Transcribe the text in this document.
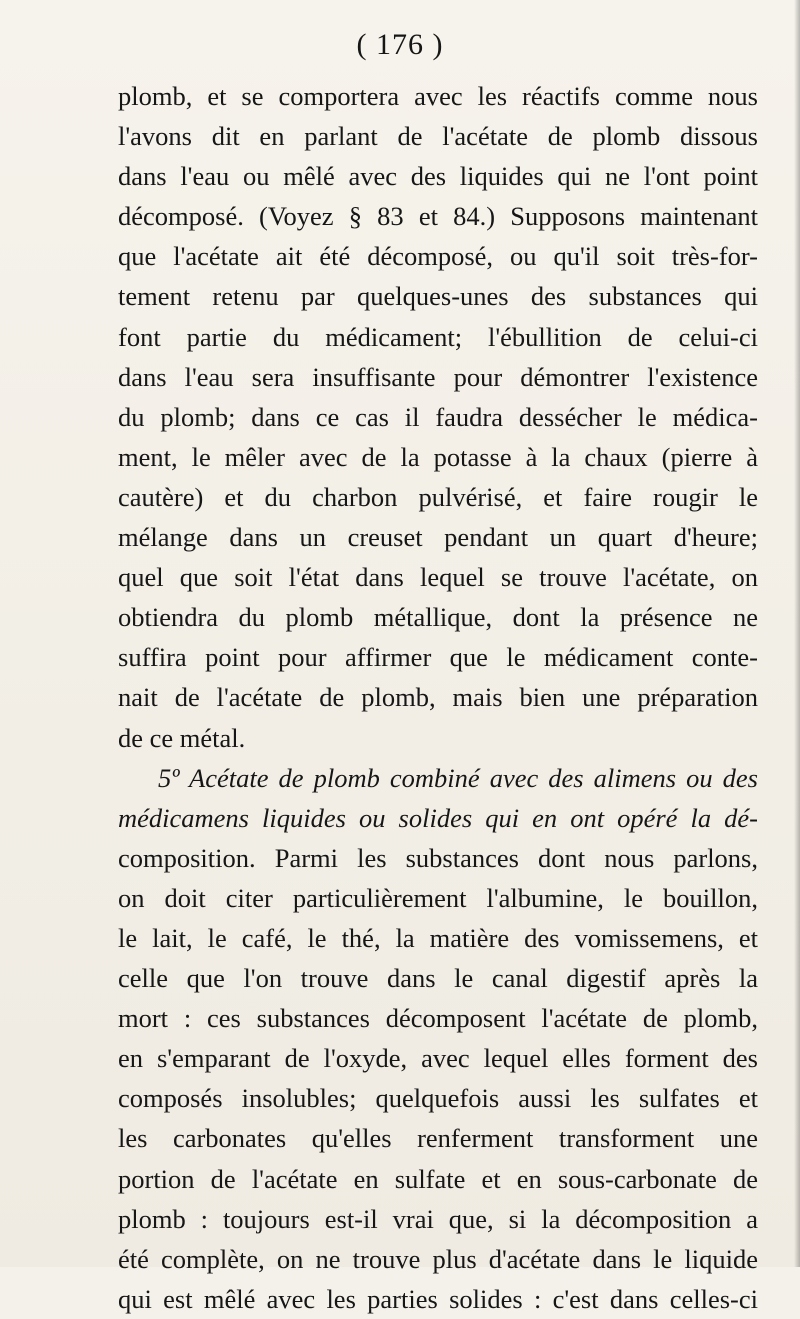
( 176 )
plomb, et se comportera avec les réactifs comme nous
l'avons dit en parlant de l'acétate de plomb dissous
dans l'eau ou mêlé avec des liquides qui ne l'ont point
décomposé. (Voyez § 83 et 84.) Supposons maintenant
que l'acétate ait été décomposé, ou qu'il soit très-for-
tement retenu par quelques-unes des substances qui
font partie du médicament; l'ébullition de celui-ci
dans l'eau sera insuffisante pour démontrer l'existence
du plomb; dans ce cas il faudra dessécher le médica-
ment, le mêler avec de la potasse à la chaux (pierre à
cautère) et du charbon pulvérisé, et faire rougir le
mélange dans un creuset pendant un quart d'heure;
quel que soit l'état dans lequel se trouve l'acétate, on
obtiendra du plomb métallique, dont la présence ne
suffira point pour affirmer que le médicament conte-
nait de l'acétate de plomb, mais bien une préparation
de ce métal.
5º Acétate de plomb combiné avec des alimens ou des
médicamens liquides ou solides qui en ont opéré la dé-
composition. Parmi les substances dont nous parlons,
on doit citer particulièrement l'albumine, le bouillon,
le lait, le café, le thé, la matière des vomissemens, et
celle que l'on trouve dans le canal digestif après la
mort : ces substances décomposent l'acétate de plomb,
en s'emparant de l'oxyde, avec lequel elles forment des
composés insolubles; quelquefois aussi les sulfates et
les carbonates qu'elles renferment transforment une
portion de l'acétate en sulfate et en sous-carbonate de
plomb : toujours est-il vrai que, si la décomposition a
été complète, on ne trouve plus d'acétate dans le liquide
qui est mêlé avec les parties solides : c'est dans celles-ci
